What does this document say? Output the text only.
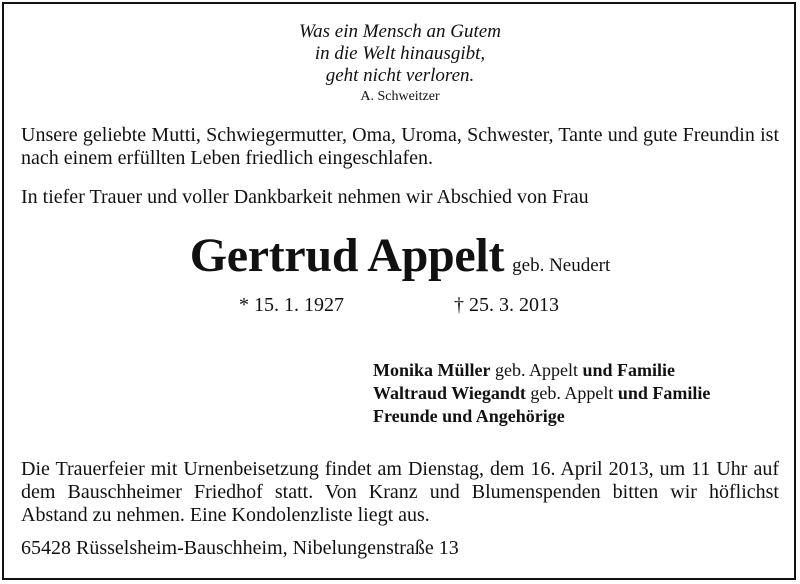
Was ein Mensch an Gutem
in die Welt hinausgibt,
geht nicht verloren.
A. Schweitzer
Unsere geliebte Mutti, Schwiegermutter, Oma, Uroma, Schwester, Tante und gute Freundin ist nach einem erfüllten Leben friedlich eingeschlafen.
In tiefer Trauer und voller Dankbarkeit nehmen wir Abschied von Frau
Gertrud Appelt geb. Neudert
* 15. 1. 1927	† 25. 3. 2013
Monika Müller geb. Appelt und Familie
Waltraud Wiegandt geb. Appelt und Familie
Freunde und Angehörige
Die Trauerfeier mit Urnenbeisetzung findet am Dienstag, dem 16. April 2013, um 11 Uhr auf dem Bauschheimer Friedhof statt. Von Kranz und Blumenspenden bitten wir höflichst Abstand zu nehmen. Eine Kondolenzliste liegt aus.
65428 Rüsselsheim-Bauschheim, Nibelungenstraße 13
